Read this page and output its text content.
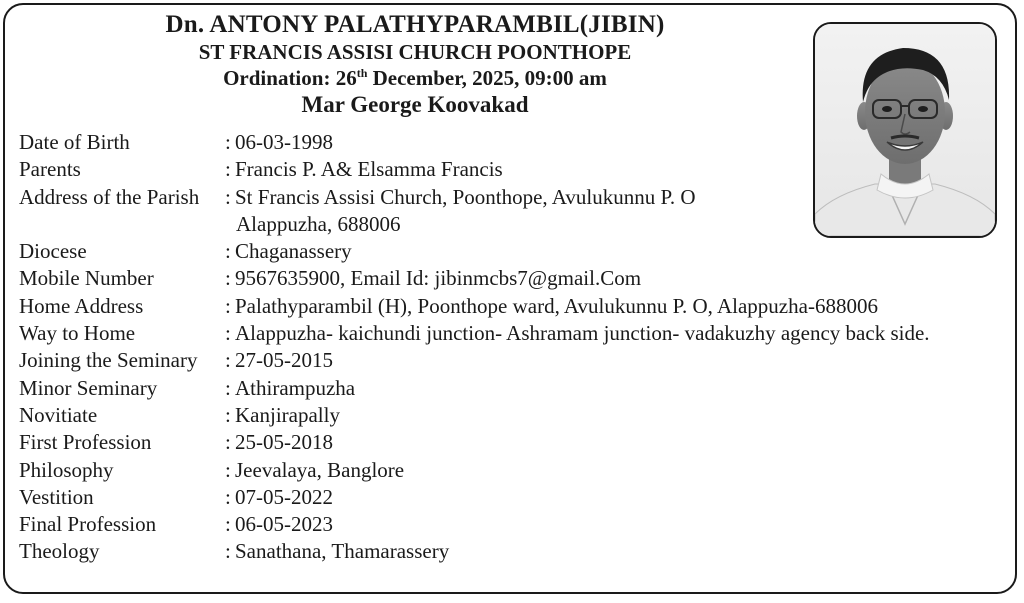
Dn. ANTONY PALATHYPARAMBIL(JIBIN)
ST FRANCIS ASSISI CHURCH POONTHOPE
Ordination: 26th December, 2025, 09:00 am
Mar George Koovakad
Date of Birth	: 06-03-1998
Parents	: Francis P. A& Elsamma Francis
Address of the Parish	: St Francis Assisi Church, Poonthope, Avulukunnu P. O
Alappuzha, 688006
Diocese	: Chaganassery
Mobile Number	: 9567635900, Email Id: jibinmcbs7@gmail.Com
Home Address	: Palathyparambil (H), Poonthope ward, Avulukunnu P. O, Alappuzha-688006
Way to Home	: Alappuzha- kaichundi junction- Ashramam junction- vadakuzhy agency back side.
Joining the Seminary	: 27-05-2015
Minor Seminary	: Athirampuzha
Novitiate	: Kanjirapally
First Profession	: 25-05-2018
Philosophy	: Jeevalaya, Banglore
Vestition	: 07-05-2022
Final Profession	: 06-05-2023
Theology	: Sanathana, Thamarassery
